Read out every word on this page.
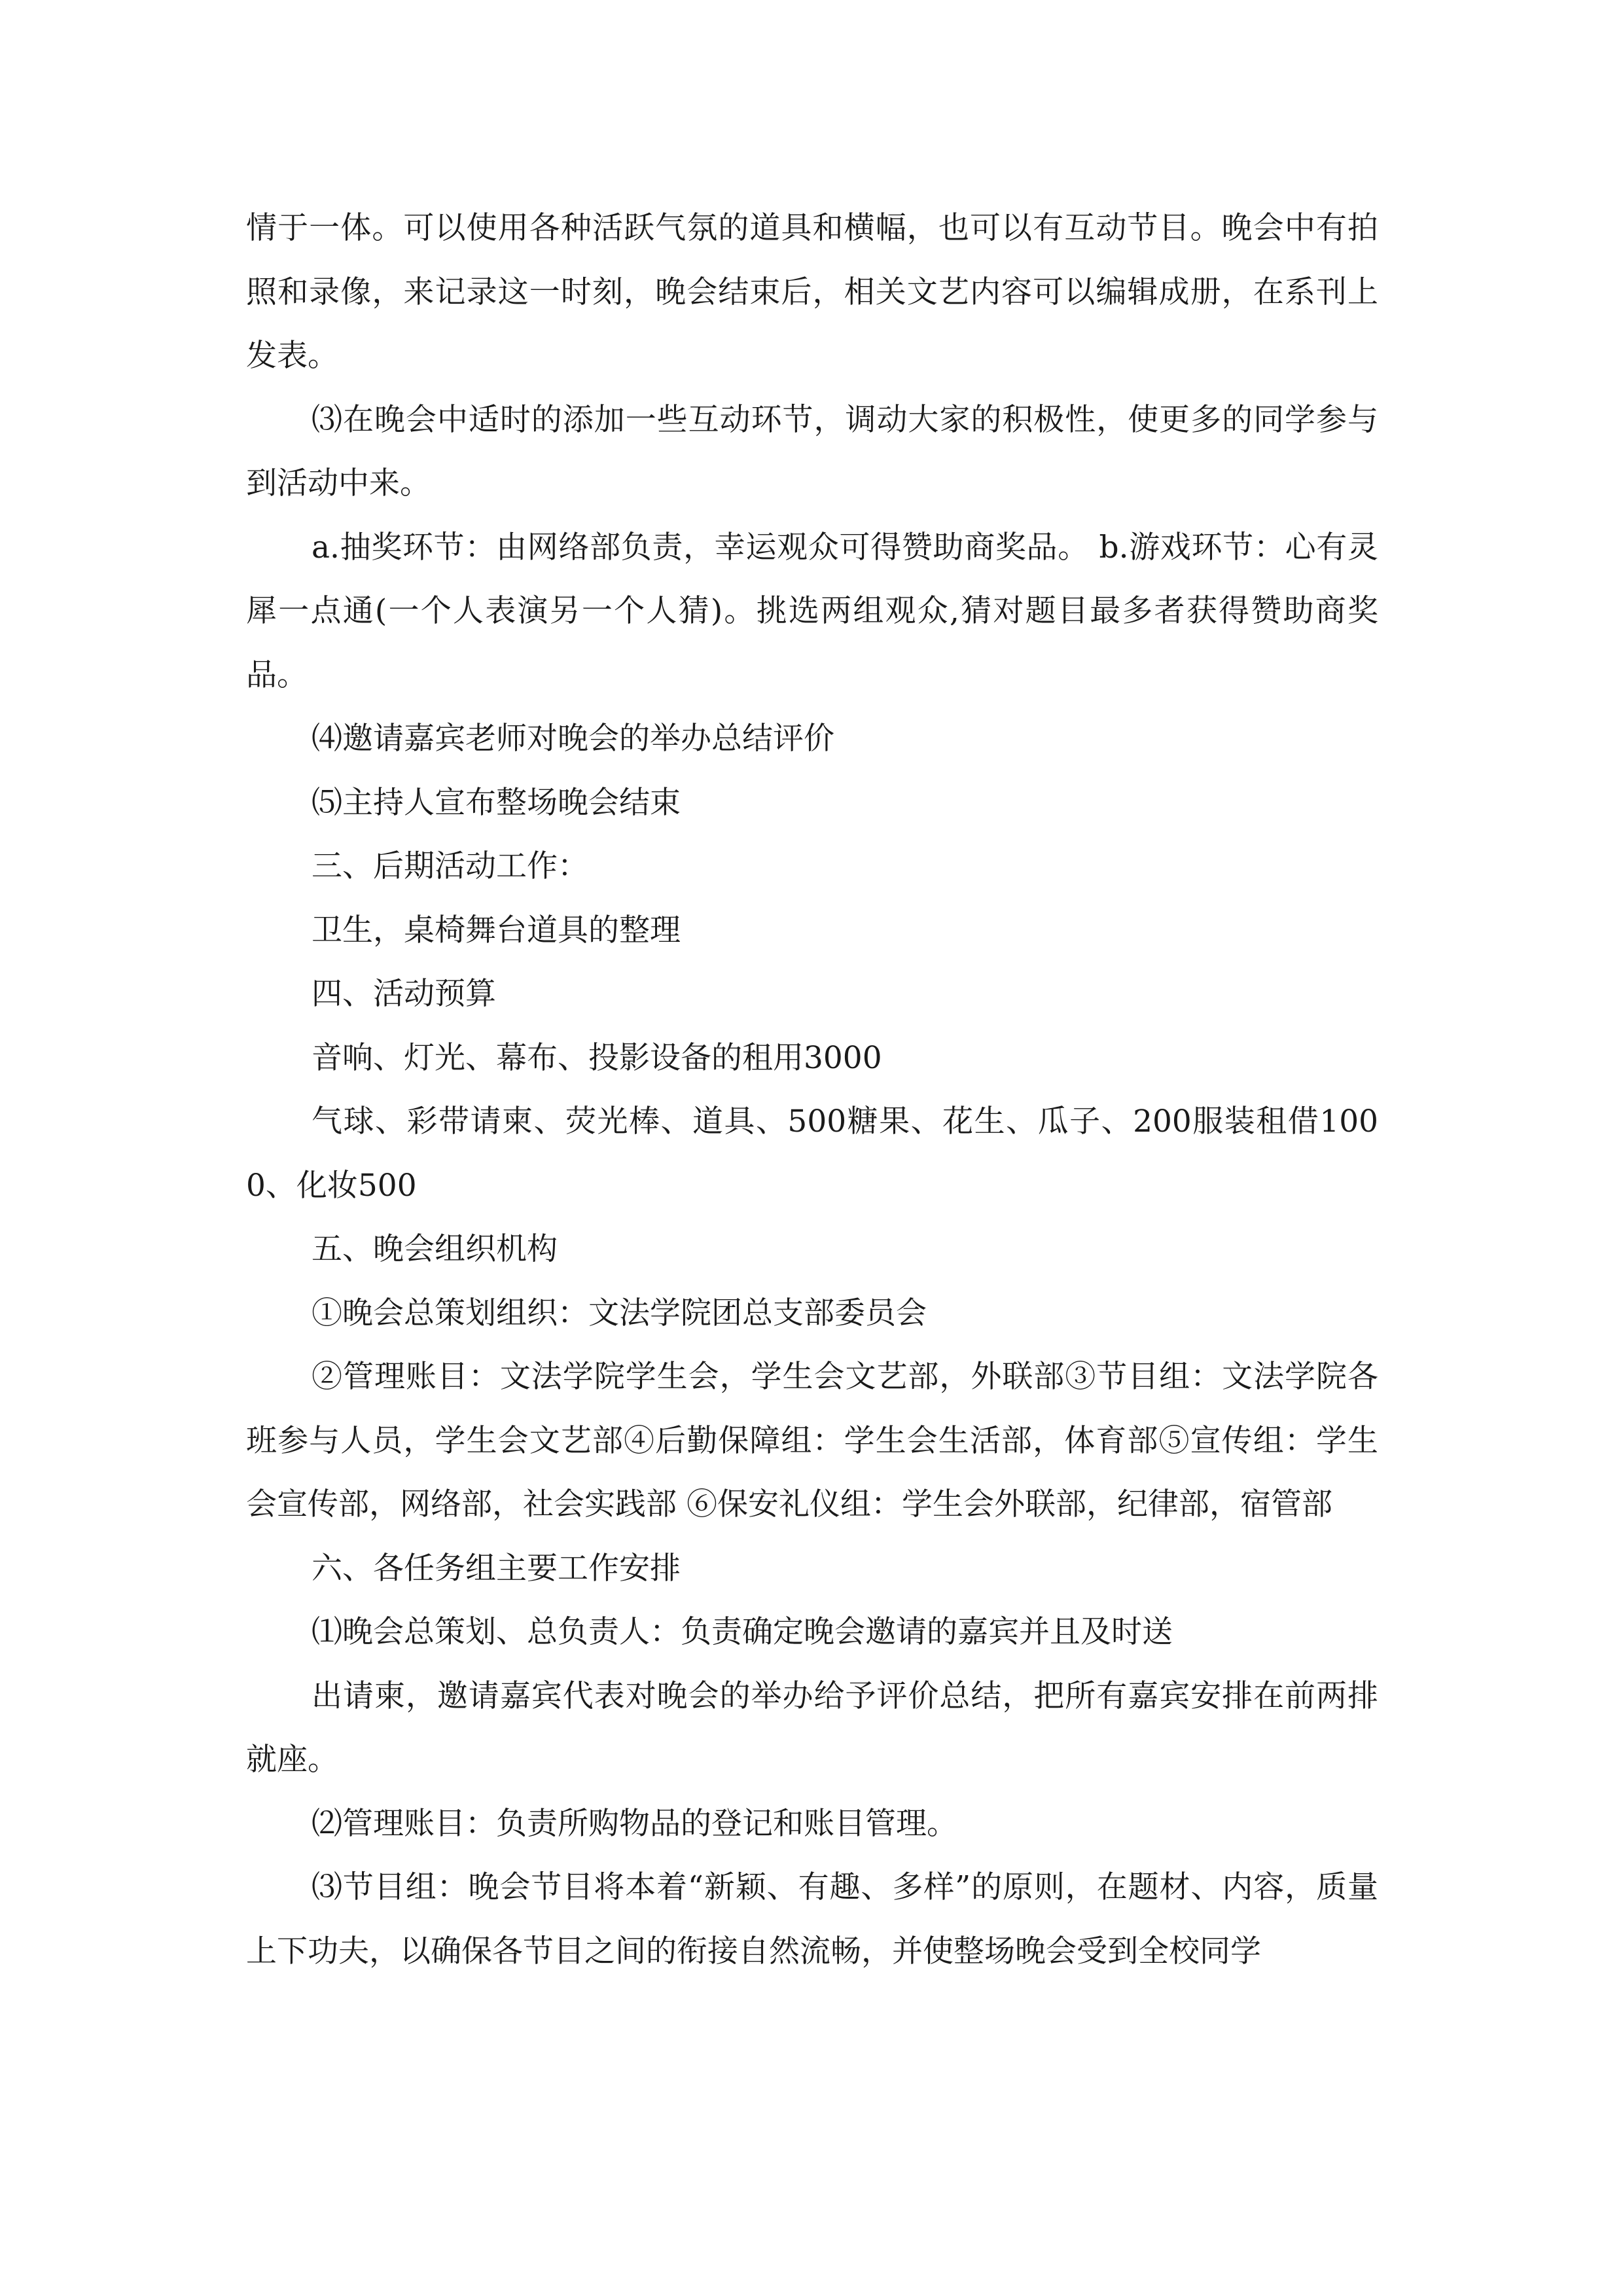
情于一体。可以使用各种活跃气氛的道具和横幅，也可以有互动节目。晚会中有拍照和录像，来记录这一时刻，晚会结束后，相关文艺内容可以编辑成册，在系刊上发表。

⑶在晚会中适时的添加一些互动环节，调动大家的积极性，使更多的同学参与到活动中来。

a.抽奖环节：由网络部负责，幸运观众可得赞助商奖品。 b.游戏环节：心有灵犀一点通(一个人表演另一个人猜)。挑选两组观众,猜对题目最多者获得赞助商奖品。

⑷邀请嘉宾老师对晚会的举办总结评价

⑸主持人宣布整场晚会结束

三、后期活动工作：

卫生，桌椅舞台道具的整理

四、活动预算

音响、灯光、幕布、投影设备的租用3000

气球、彩带请柬、荧光棒、道具、500糖果、花生、瓜子、200服装租借1000、化妆500

五、晚会组织机构

①晚会总策划组织：文法学院团总支部委员会

②管理账目：文法学院学生会，学生会文艺部，外联部③节目组：文法学院各班参与人员，学生会文艺部④后勤保障组：学生会生活部，体育部⑤宣传组：学生会宣传部，网络部，社会实践部 ⑥保安礼仪组：学生会外联部，纪律部，宿管部

六、各任务组主要工作安排

⑴晚会总策划、总负责人：负责确定晚会邀请的嘉宾并且及时送

出请柬，邀请嘉宾代表对晚会的举办给予评价总结，把所有嘉宾安排在前两排就座。

⑵管理账目：负责所购物品的登记和账目管理。

⑶节目组：晚会节目将本着“新颖、有趣、多样”的原则，在题材、内容，质量上下功夫，以确保各节目之间的衔接自然流畅，并使整场晚会受到全校同学
